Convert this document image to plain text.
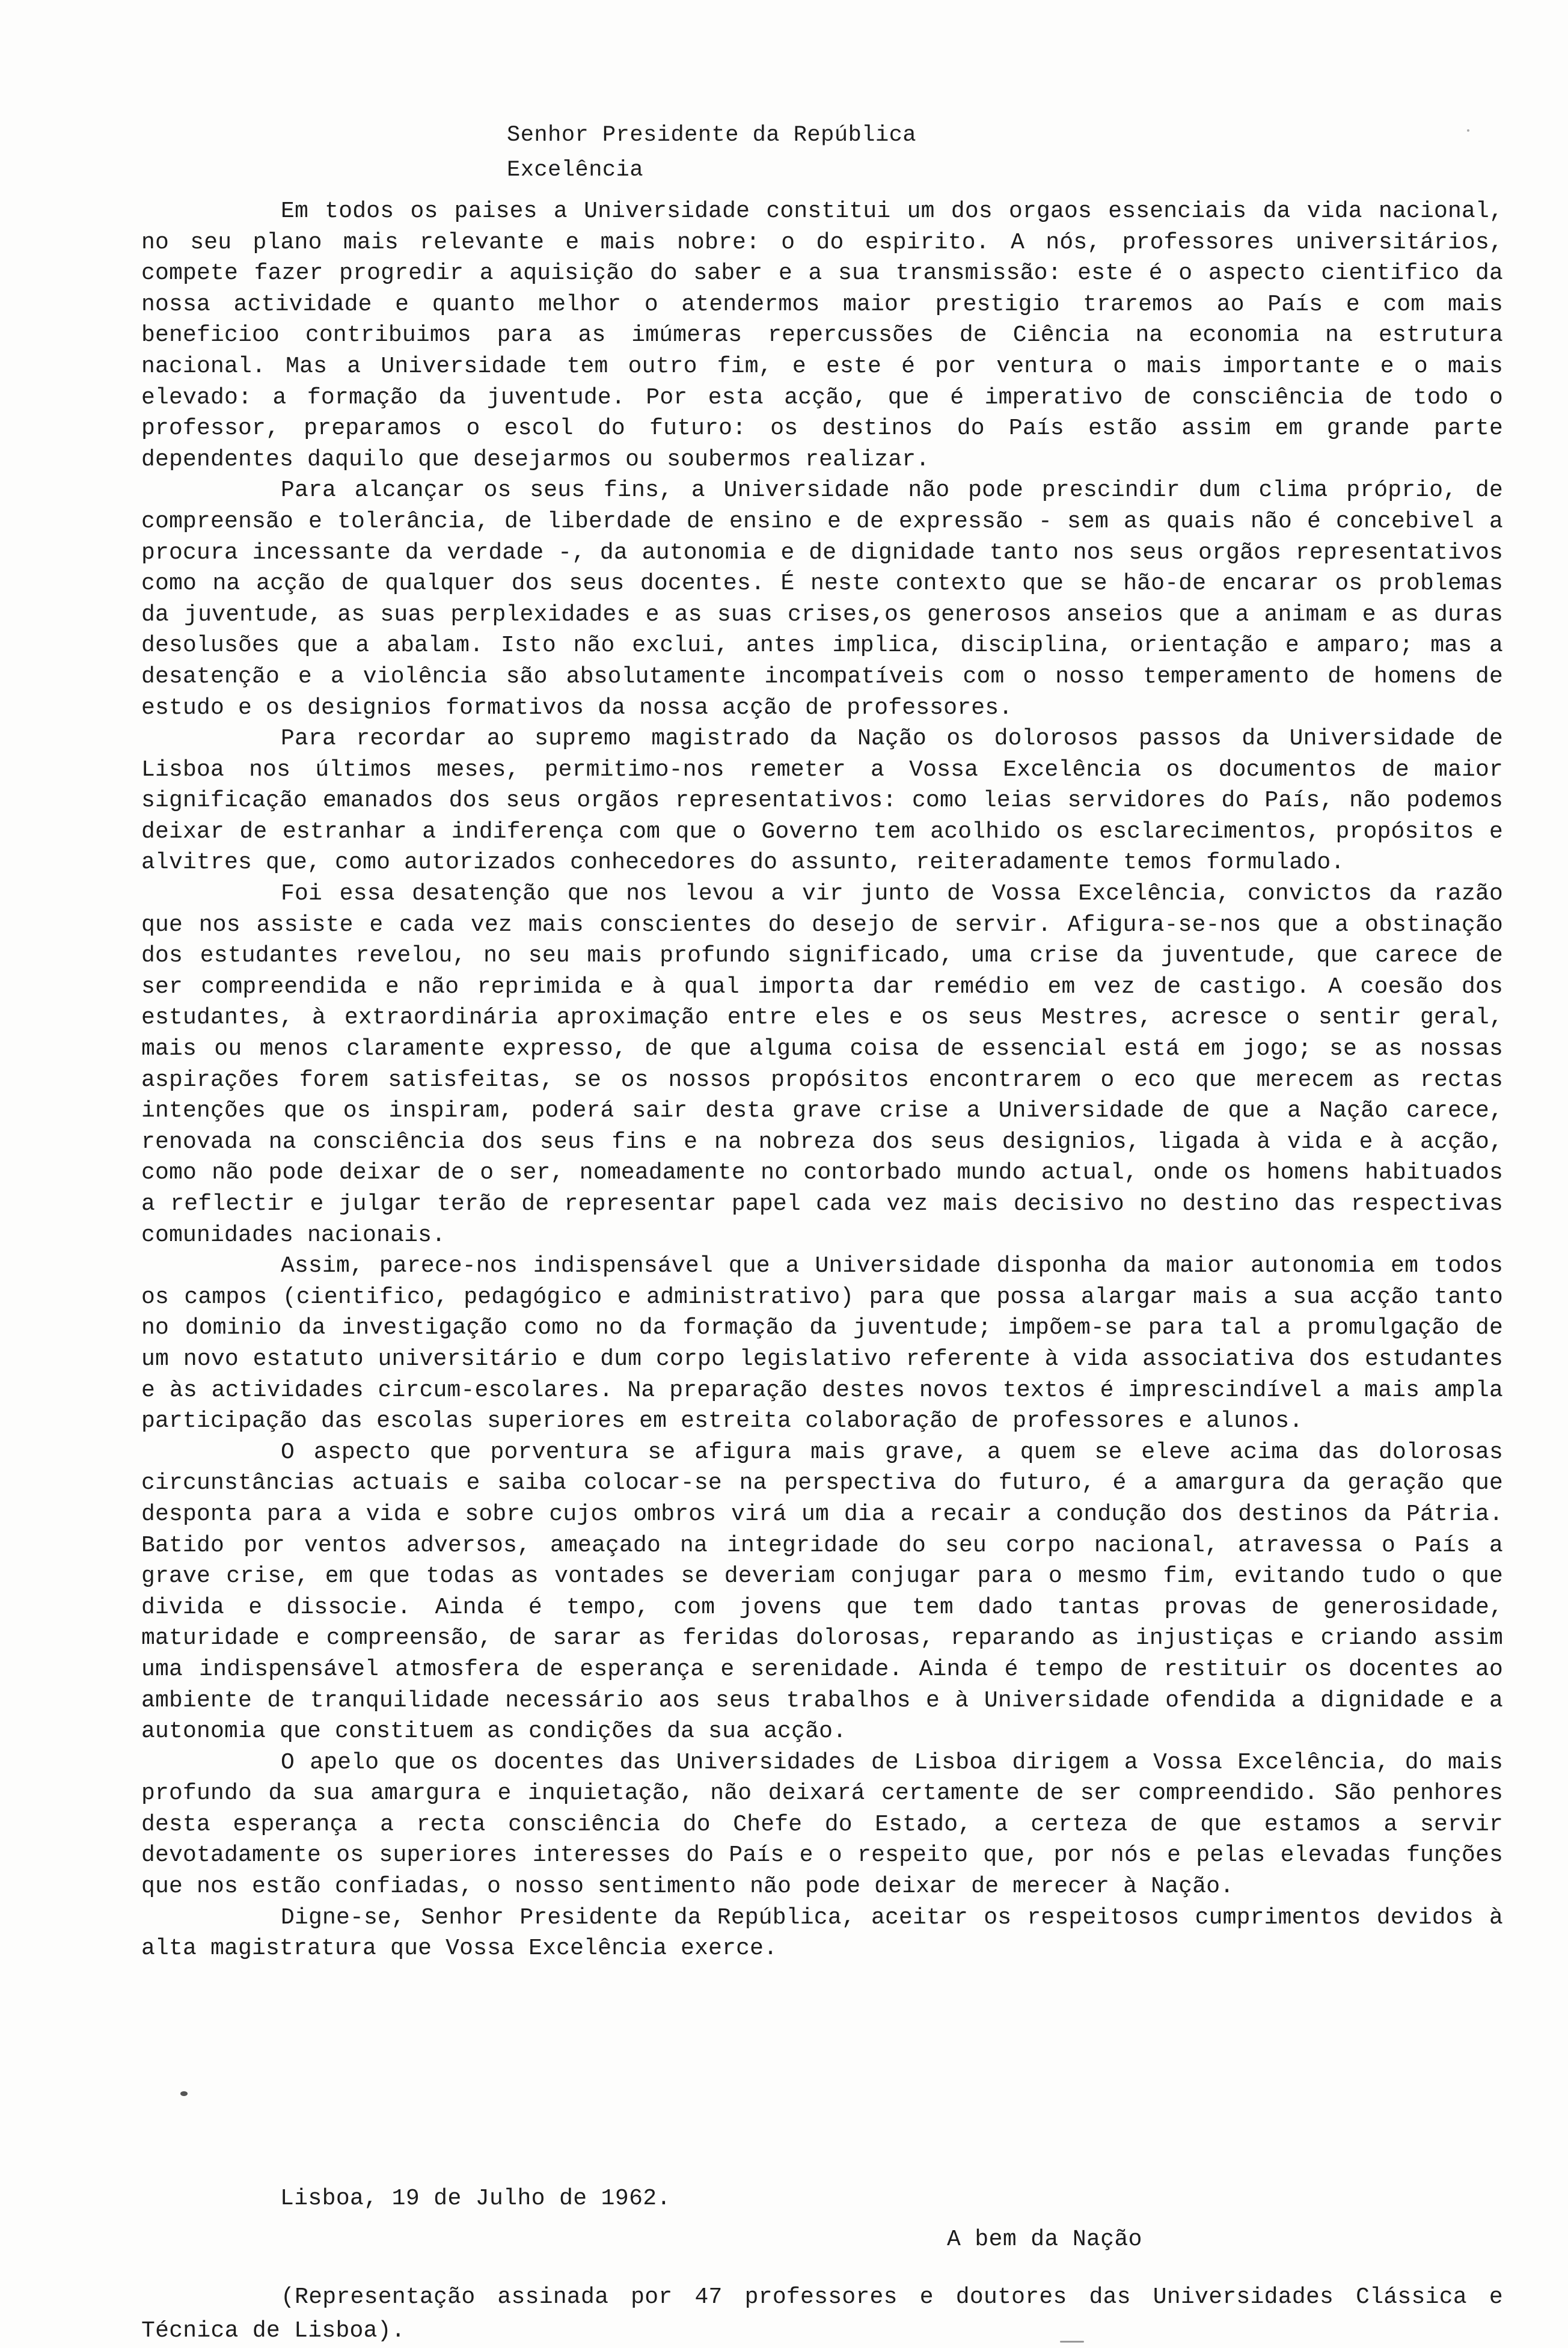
Senhor Presidente da República
Excelência

Em todos os paises a Universidade constitui um dos orgaos essenciais da vida nacional, no seu plano mais relevante e mais nobre: o do espirito. A nós, professores universitários, compete fazer progredir a aquisição do saber e a sua transmissão: este é o aspecto cientifico da nossa actividade e quanto melhor o atendermos maior prestigio traremos ao País e com mais beneficioo contribuimos para as imúmeras repercussões de Ciência na economia na estrutura nacional. Mas a Universidade tem outro fim, e este é por ventura o mais importante e o mais elevado: a formação da juventude. Por esta acção, que é imperativo de consciência de todo o professor, preparamos o escol do futuro: os destinos do País estão assim em grande parte dependentes daquilo que desejarmos ou soubermos realizar.

Para alcançar os seus fins, a Universidade não pode prescindir dum clima próprio, de compreensão e tolerância, de liberdade de ensino e de expressão - sem as quais não é concebivel a procura incessante da verdade -, da autonomia e de dignidade tanto nos seus orgãos representativos como na acção de qualquer dos seus docentes. É neste contexto que se hão-de encarar os problemas da juventude, as suas perplexidades e as suas crises,os generosos anseios que a animam e as duras desolusões que a abalam. Isto não exclui, antes implica, disciplina, orientação e amparo; mas a desatenção e a violência são absolutamente incompatíveis com o nosso temperamento de homens de estudo e os designios formativos da nossa acção de professores.

Para recordar ao supremo magistrado da Nação os dolorosos passos da Universidade de Lisboa nos últimos meses, permitimo-nos remeter a Vossa Excelência os documentos de maior significação emanados dos seus orgãos representativos: como leias servidores do País, não podemos deixar de estranhar a indiferença com que o Governo tem acolhido os esclarecimentos, propósitos e alvitres que, como autorizados conhecedores do assunto, reiteradamente temos formulado.

Foi essa desatenção que nos levou a vir junto de Vossa Excelência, convictos da razão que nos assiste e cada vez mais conscientes do desejo de servir. Afigura-se-nos que a obstinação dos estudantes revelou, no seu mais profundo significado, uma crise da juventude, que carece de ser compreendida e não reprimida e à qual importa dar remédio em vez de castigo. A coesão dos estudantes, à extraordinária aproximação entre eles e os seus Mestres, acresce o sentir geral, mais ou menos claramente expresso, de que alguma coisa de essencial está em jogo; se as nossas aspirações forem satisfeitas, se os nossos propósitos encontrarem o eco que merecem as rectas intenções que os inspiram, poderá sair desta grave crise a Universidade de que a Nação carece, renovada na consciência dos seus fins e na nobreza dos seus designios, ligada à vida e à acção, como não pode deixar de o ser, nomeadamente no contorbado mundo actual, onde os homens habituados a reflectir e julgar terão de representar papel cada vez mais decisivo no destino das respectivas comunidades nacionais.

Assim, parece-nos indispensável que a Universidade disponha da maior autonomia em todos os campos (cientifico, pedagógico e administrativo) para que possa alargar mais a sua acção tanto no dominio da investigação como no da formação da juventude; impõem-se para tal a promulgação de um novo estatuto universitário e dum corpo legislativo referente à vida associativa dos estudantes e às actividades circum-escolares. Na preparação destes novos textos é imprescindível a mais ampla participação das escolas superiores em estreita colaboração de professores e alunos.

O aspecto que porventura se afigura mais grave, a quem se eleve acima das dolorosas circunstâncias actuais e saiba colocar-se na perspectiva do futuro, é a amargura da geração que desponta para a vida e sobre cujos ombros virá um dia a recair a condução dos destinos da Pátria. Batido por ventos adversos, ameaçado na integridade do seu corpo nacional, atravessa o País a grave crise, em que todas as vontades se deveriam conjugar para o mesmo fim, evitando tudo o que divida e dissocie. Ainda é tempo, com jovens que tem dado tantas provas de generosidade, maturidade e compreensão, de sarar as feridas dolorosas, reparando as injustiças e criando assim uma indispensável atmosfera de esperança e serenidade. Ainda é tempo de restituir os docentes ao ambiente de tranquilidade necessário aos seus trabalhos e à Universidade ofendida a dignidade e a autonomia que constituem as condições da sua acção.

O apelo que os docentes das Universidades de Lisboa dirigem a Vossa Excelência, do mais profundo da sua amargura e inquietação, não deixará certamente de ser compreendido. São penhores desta esperança a recta consciência do Chefe do Estado, a certeza de que estamos a servir devotadamente os superiores interesses do País e o respeito que, por nós e pelas elevadas funções que nos estão confiadas, o nosso sentimento não pode deixar de merecer à Nação.

Digne-se, Senhor Presidente da República, aceitar os respeitosos cumprimentos devidos à alta magistratura que Vossa Excelência exerce.

Lisboa, 19 de Julho de 1962.
A bem da Nação
(Representação assinada por 47 professores e doutores das Universidades Clássica e Técnica de Lisboa).
